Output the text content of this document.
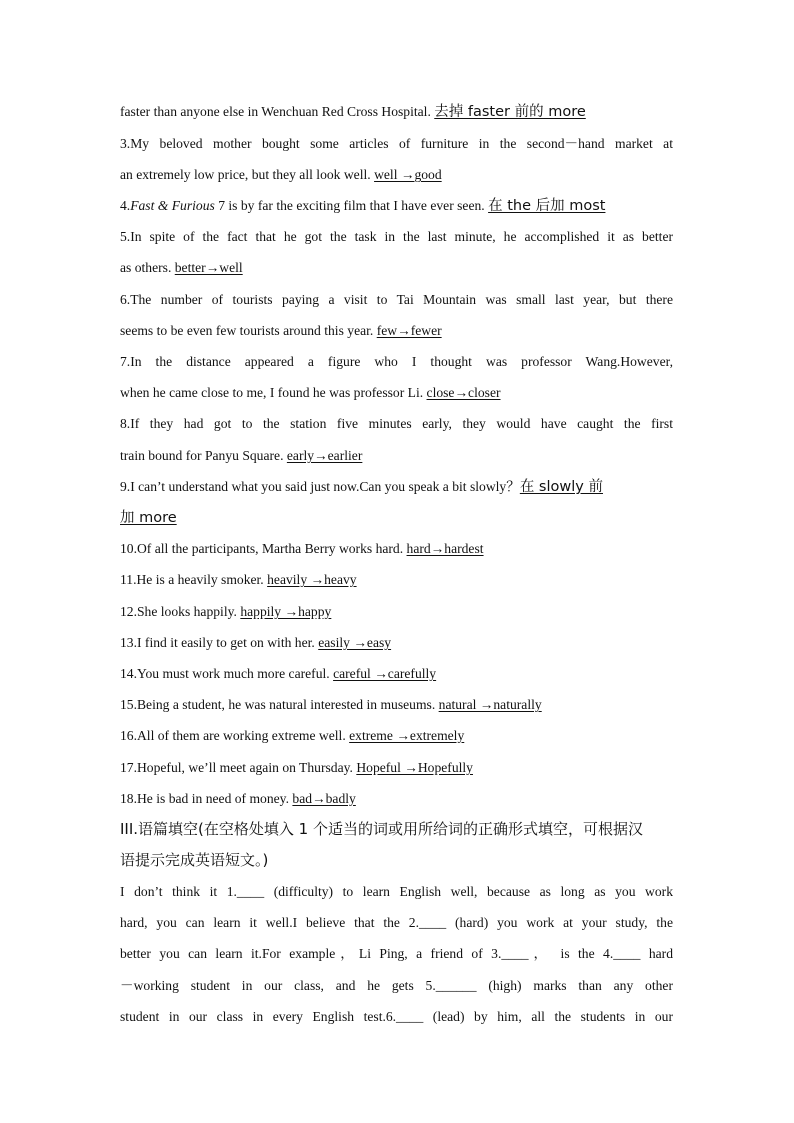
faster than anyone else in Wenchuan Red Cross Hospital. 去掉 faster 前的 more
3.My beloved mother bought some articles of furniture in the second－hand market at
an extremely low price, but they all look well. well →good
4.Fast & Furious 7 is by far the exciting film that I have ever seen. 在 the 后加 most
5.In spite of the fact that he got the task in the last minute, he accomplished it as better
as others. better→well
6.The number of tourists paying a visit to Tai Mountain was small last year, but there
seems to be even few tourists around this year. few→fewer
7.In the distance appeared a figure who I thought was professor Wang.However,
when he came close to me, I found he was professor Li. close→closer
8.If they had got to the station five minutes early, they would have caught the first
train bound for Panyu Square. early→earlier
9.I can’t understand what you said just now.Can you speak a bit slowly？在 slowly 前
加 more
10.Of all the participants, Martha Berry works hard. hard→hardest
11.He is a heavily smoker. heavily →heavy
12.She looks happily. happily →happy
13.I find it easily to get on with her. easily →easy
14.You must work much more careful. careful →carefully
15.Being a student, he was natural interested in museums. natural →naturally
16.All of them are working extreme well. extreme →extremely
17.Hopeful, we’ll meet again on Thursday. Hopeful →Hopefully
18.He is bad in need of money. bad→badly
III.语篇填空(在空格处填入 1 个适当的词或用所给词的正确形式填空，可根据汉
语提示完成英语短文。)
I don’t think it 1.____ (difficulty) to learn English well, because as long as you work
hard, you can learn it well.I believe that the 2.____ (hard) you work at your study, the
better you can learn it.For example，Li Ping, a friend of 3.____， is the 4.____ hard
－working student in our class, and he gets 5.______ (high) marks than any other
student in our class in every English test.6.____ (lead) by him, all the students in our
